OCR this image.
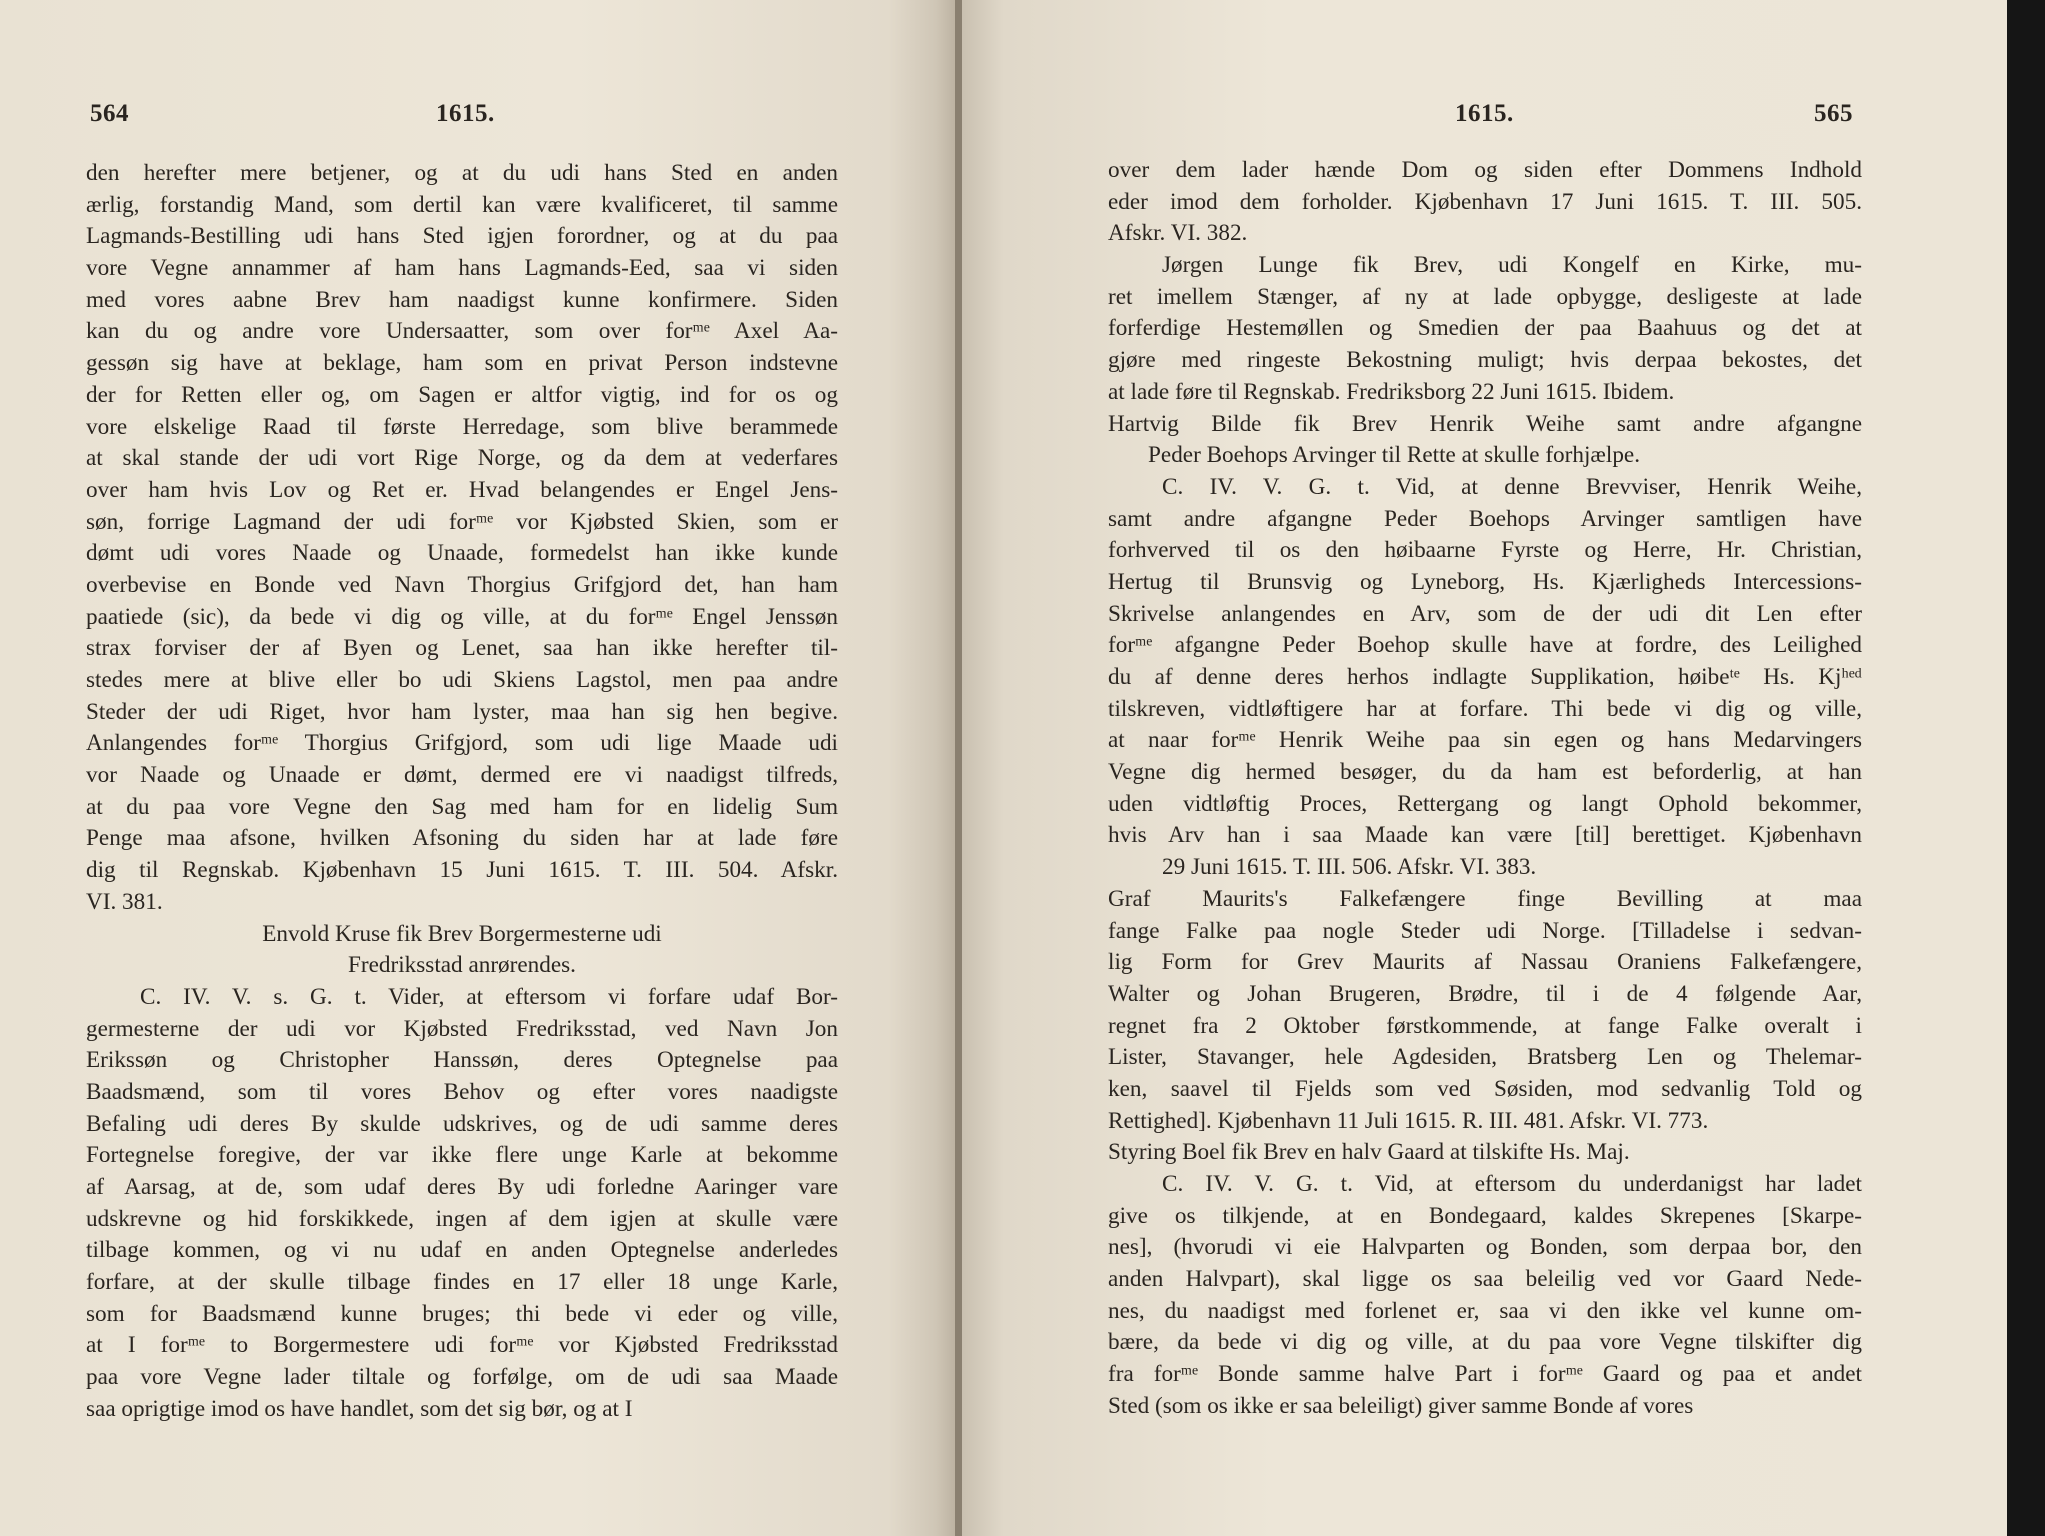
564	1615.
den herefter mere betjener, og at du udi hans Sted en anden
ærlig, forstandig Mand, som dertil kan være kvalificeret, til samme
Lagmands-Bestilling udi hans Sted igjen forordner, og at du paa
vore Vegne annammer af ham hans Lagmands-Eed, saa vi siden
med vores aabne Brev ham naadigst kunne konfirmere. Siden
kan du og andre vore Undersaatter, som over forᵐᵉ Axel Aa-
gessøn sig have at beklage, ham som en privat Person indstevne
der for Retten eller og, om Sagen er altfor vigtig, ind for os og
vore elskelige Raad til første Herredage, som blive berammede
at skal stande der udi vort Rige Norge, og da dem at vederfares
over ham hvis Lov og Ret er. Hvad belangendes er Engel Jens-
søn, forrige Lagmand der udi forᵐᵉ vor Kjøbsted Skien, som er
dømt udi vores Naade og Unaade, formedelst han ikke kunde
overbevise en Bonde ved Navn Thorgius Grifgjord det, han ham
paatiede (sic), da bede vi dig og ville, at du forᵐᵉ Engel Jenssøn
strax forviser der af Byen og Lenet, saa han ikke herefter til-
stedes mere at blive eller bo udi Skiens Lagstol, men paa andre
Steder der udi Riget, hvor ham lyster, maa han sig hen begive.
Anlangendes forᵐᵉ Thorgius Grifgjord, som udi lige Maade udi
vor Naade og Unaade er dømt, dermed ere vi naadigst tilfreds,
at du paa vore Vegne den Sag med ham for en lidelig Sum
Penge maa afsone, hvilken Afsoning du siden har at lade føre
dig til Regnskab. Kjøbenhavn 15 Juni 1615. T. III. 504. Afskr.
VI. 381.
Envold Kruse fik Brev Borgermesterne udi
Fredriksstad anrørendes.
C. IV. V. s. G. t. Vider, at eftersom vi forfare udaf Bor-
germesterne der udi vor Kjøbsted Fredriksstad, ved Navn Jon
Erikssøn og Christopher Hanssøn, deres Optegnelse paa
Baadsmænd, som til vores Behov og efter vores naadigste
Befaling udi deres By skulde udskrives, og de udi samme deres
Fortegnelse foregive, der var ikke flere unge Karle at bekomme
af Aarsag, at de, som udaf deres By udi forledne Aaringer vare
udskrevne og hid forskikkede, ingen af dem igjen at skulle være
tilbage kommen, og vi nu udaf en anden Optegnelse anderledes
forfare, at der skulle tilbage findes en 17 eller 18 unge Karle,
som for Baadsmænd kunne bruges; thi bede vi eder og ville,
at I forᵐᵉ to Borgermestere udi forᵐᵉ vor Kjøbsted Fredriksstad
paa vore Vegne lader tiltale og forfølge, om de udi saa Maade
saa oprigtige imod os have handlet, som det sig bør, og at I
1615.	565
over dem lader hænde Dom og siden efter Dommens Indhold
eder imod dem forholder. Kjøbenhavn 17 Juni 1615. T. III. 505.
Afskr. VI. 382.
Jørgen Lunge fik Brev, udi Kongelf en Kirke, mu-
ret imellem Stænger, af ny at lade opbygge, desligeste at lade
forferdige Hestemøllen og Smedien der paa Baahuus og det at
gjøre med ringeste Bekostning muligt; hvis derpaa bekostes, det
at lade føre til Regnskab. Fredriksborg 22 Juni 1615. Ibidem.
Hartvig Bilde fik Brev Henrik Weihe samt andre afgangne
Peder Boehops Arvinger til Rette at skulle forhjælpe.
C. IV. V. G. t. Vid, at denne Brevviser, Henrik Weihe,
samt andre afgangne Peder Boehops Arvinger samtligen have
forhverved til os den høibaarne Fyrste og Herre, Hr. Christian,
Hertug til Brunsvig og Lyneborg, Hs. Kjærligheds Intercessions-
Skrivelse anlangendes en Arv, som de der udi dit Len efter
forᵐᵉ afgangne Peder Boehop skulle have at fordre, des Leilighed
du af denne deres herhos indlagte Supplikation, høibeᵗᵉ Hs. Kjʰᵉᵈ
tilskreven, vidtløftigere har at forfare. Thi bede vi dig og ville,
at naar forᵐᵉ Henrik Weihe paa sin egen og hans Medarvingers
Vegne dig hermed besøger, du da ham est beforderlig, at han
uden vidtløftig Proces, Rettergang og langt Ophold bekommer,
hvis Arv han i saa Maade kan være [til] berettiget. Kjøbenhavn
29 Juni 1615. T. III. 506. Afskr. VI. 383.
Graf Maurits's Falkefængere finge Bevilling at maa
fange Falke paa nogle Steder udi Norge. [Tilladelse i sedvan-
lig Form for Grev Maurits af Nassau Oraniens Falkefængere,
Walter og Johan Brugeren, Brødre, til i de 4 følgende Aar,
regnet fra 2 Oktober førstkommende, at fange Falke overalt i
Lister, Stavanger, hele Agdesiden, Bratsberg Len og Thelemar-
ken, saavel til Fjelds som ved Søsiden, mod sedvanlig Told og
Rettighed]. Kjøbenhavn 11 Juli 1615. R. III. 481. Afskr. VI. 773.
Styring Boel fik Brev en halv Gaard at tilskifte Hs. Maj.
C. IV. V. G. t. Vid, at eftersom du underdanigst har ladet
give os tilkjende, at en Bondegaard, kaldes Skrepenes [Skarpe-
nes], (hvorudi vi eie Halvparten og Bonden, som derpaa bor, den
anden Halvpart), skal ligge os saa beleilig ved vor Gaard Nede-
nes, du naadigst med forlenet er, saa vi den ikke vel kunne om-
bære, da bede vi dig og ville, at du paa vore Vegne tilskifter dig
fra forᵐᵉ Bonde samme halve Part i forᵐᵉ Gaard og paa et andet
Sted (som os ikke er saa beleiligt) giver samme Bonde af vores
